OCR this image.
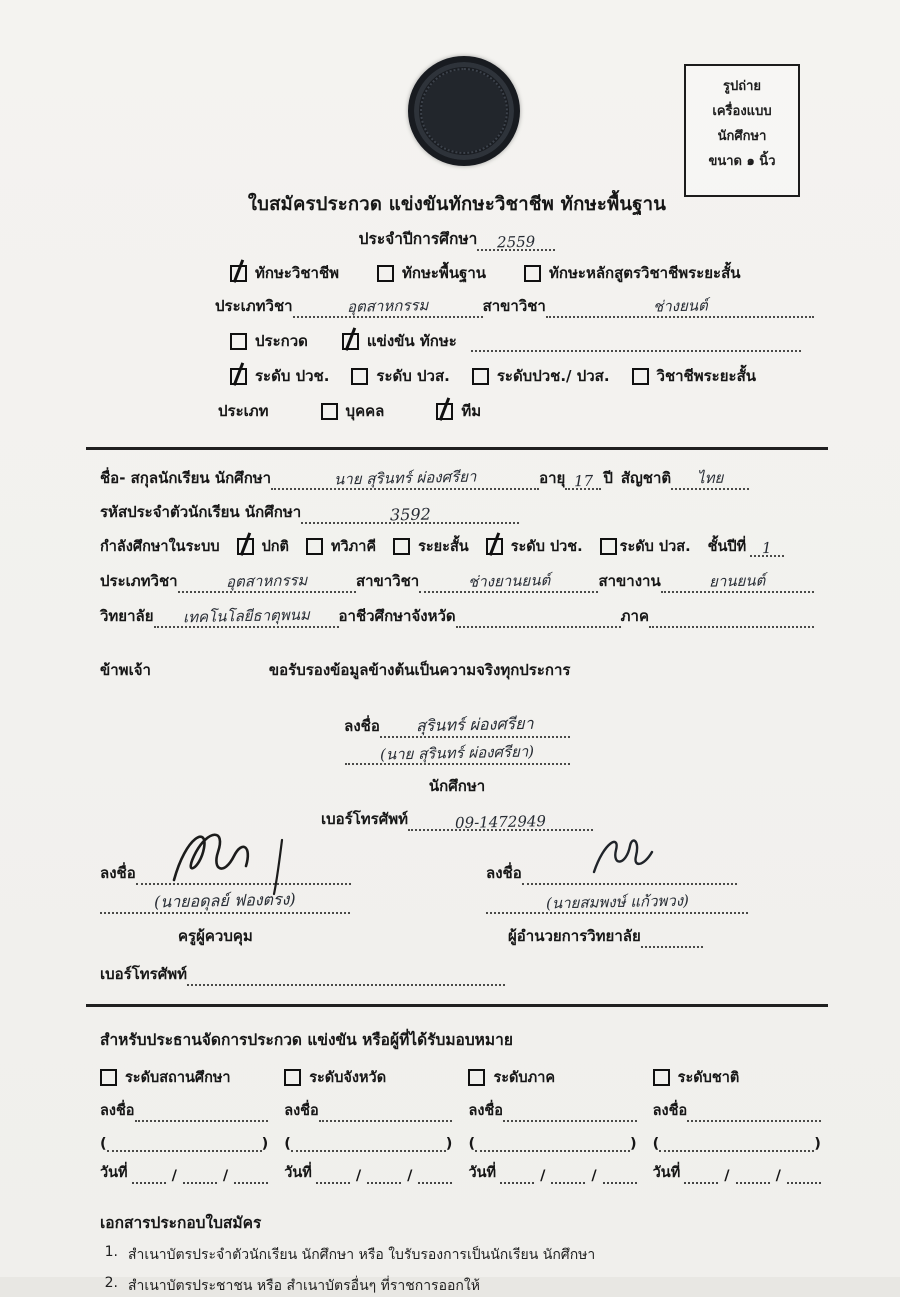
รูปถ่าย
เครื่องแบบ
นักศึกษา
ขนาด ๑ นิ้ว
ใบสมัครประกวด แข่งขันทักษะวิชาชีพ ทักษะพื้นฐาน
ประจำปีการศึกษา 2559
ทักษะวิชาชีพ	ทักษะพื้นฐาน	ทักษะหลักสูตรวิชาชีพระยะสั้น
ประเภทวิชา	อุตสาหกรรม	สาขาวิชา	ช่างยนต์
ประกวด	แข่งขัน ทักษะ
ระดับ ปวช.	ระดับ ปวส.	ระดับปวช./ ปวส.	วิชาชีพระยะสั้น
ประเภท	บุคคล	ทีม
ชื่อ- สกุลนักเรียน นักศึกษา	นาย สุรินทร์ ผ่องศรียา	อายุ 17 ปี สัญชาติ ไทย
รหัสประจำตัวนักเรียน นักศึกษา	3592
กำลังศึกษาในระบบ	ปกติ	ทวิภาคี	ระยะสั้น	ระดับ ปวช.	ระดับ ปวส. ชั้นปีที่ 1
ประเภทวิชา	อุตสาหกรรม	สาขาวิชา	ช่างยานยนต์	สาขางาน	ยานยนต์
วิทยาลัย เทคโนโลยีธาตุพนม อาชีวศึกษาจังหวัด	ภาค
ข้าพเจ้า	ขอรับรองข้อมูลข้างต้นเป็นความจริงทุกประการ
ลงชื่อ สุรินทร์ ผ่องศรียา
(นาย สุรินทร์ ผ่องศรียา)
นักศึกษา
เบอร์โทรศัพท์	09-1472949
ลงชื่อ
(นายอดุลย์ ฟองตรง)
ครูผู้ควบคุม
ลงชื่อ
(นายสมพงษ์ แก้วพวง)
ผู้อำนวยการวิทยาลัย
เบอร์โทรศัพท์
สำหรับประธานจัดการประกวด แข่งขัน หรือผู้ที่ได้รับมอบหมาย
ระดับสถานศึกษา
ลงชื่อ
(	)
วันที่	/	/
ระดับจังหวัด
ลงชื่อ
(	)
วันที่	/	/
ระดับภาค
ลงชื่อ
(	)
วันที่	/	/
ระดับชาติ
ลงชื่อ
(	)
วันที่	/	/
เอกสารประกอบใบสมัคร
1. สำเนาบัตรประจำตัวนักเรียน นักศึกษา หรือ ใบรับรองการเป็นนักเรียน นักศึกษา
2. สำเนาบัตรประชาชน หรือ สำเนาบัตรอื่นๆ ที่ราชการออกให้
